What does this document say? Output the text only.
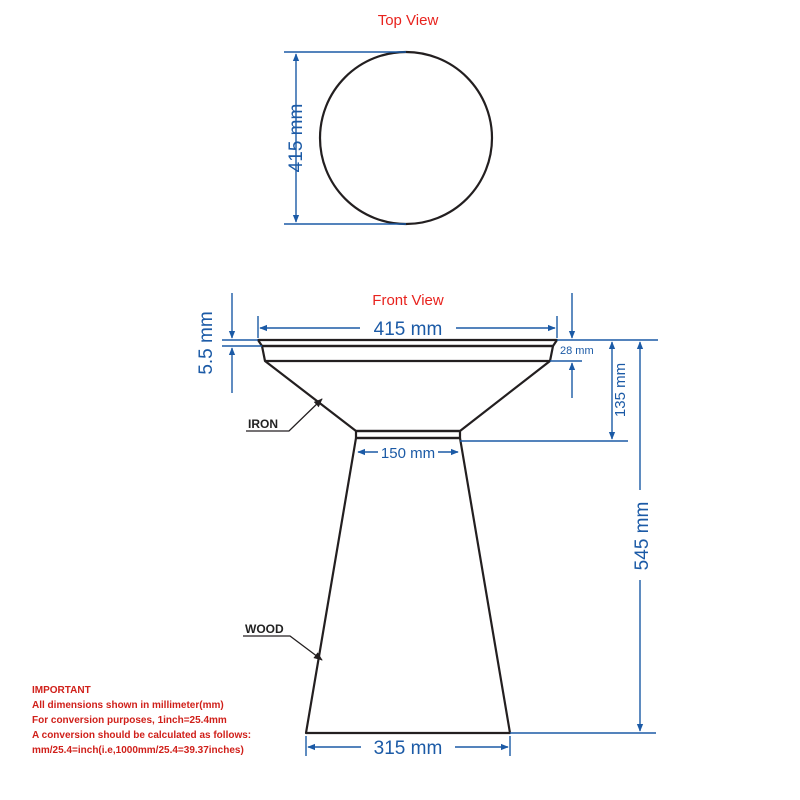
Top View
415 mm
Front View
415 mm
5.5 mm	28 mm
135 mm
545 mm
150 mm
315 mm
IRON
WOOD
IMPORTANT
All dimensions shown in millimeter(mm)
For conversion purposes, 1inch=25.4mm
A conversion should be calculated as follows:
mm/25.4=inch(i.e,1000mm/25.4=39.37inches)
